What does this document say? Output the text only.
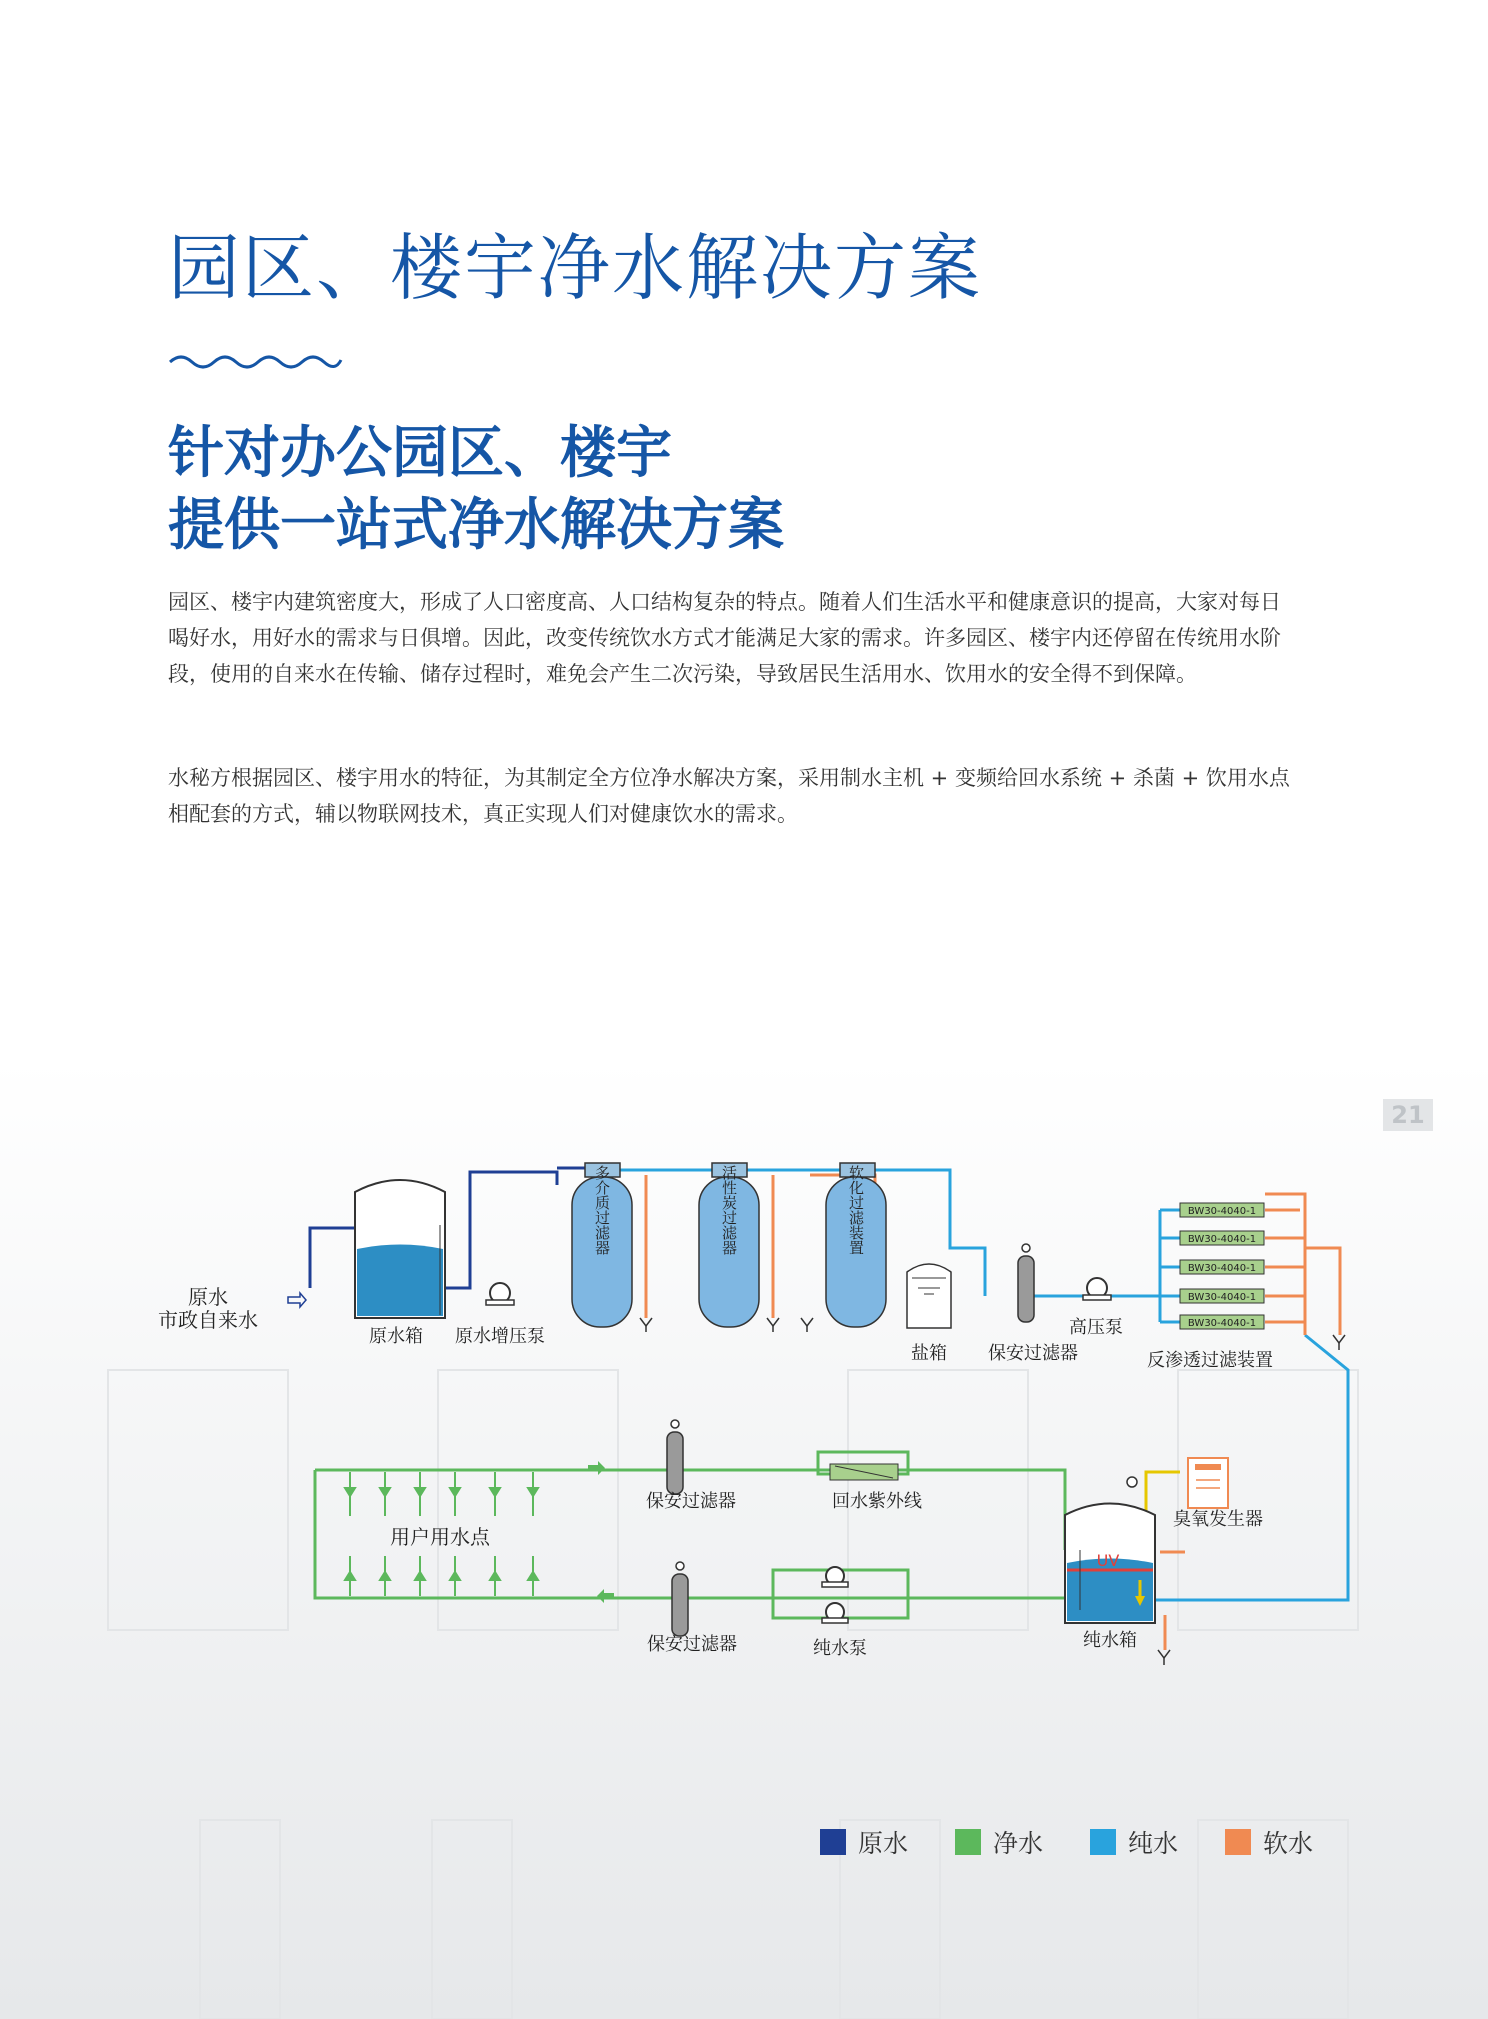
园区、楼宇净水解决方案
针对办公园区、楼宇
提供一站式净水解决方案
园区、楼宇内建筑密度大，形成了人口密度高、人口结构复杂的特点。随着人们生活水平和健康意识的提高，大家对每日喝好水，用好水的需求与日俱增。因此，改变传统饮水方式才能满足大家的需求。许多园区、楼宇内还停留在传统用水阶段，使用的自来水在传输、储存过程时，难免会产生二次污染，导致居民生活用水、饮用水的安全得不到保障。
水秘方根据园区、楼宇用水的特征，为其制定全方位净水解决方案，采用制水主机 + 变频给回水系统 + 杀菌 + 饮用水点相配套的方式，辅以物联网技术，真正实现人们对健康饮水的需求。
21
原水
市政自来水
原水箱 原水增压泵
多介质过滤器	活性炭过滤器	软化过滤装置
盐箱 保安过滤器
高压泵
BW30-4040-1
BW30-4040-1
BW30-4040-1
BW30-4040-1
BW30-4040-1
反渗透过滤装置
保安过滤器	回水紫外线
用户用水点
保安过滤器	纯水泵
臭氧发生器
UV
纯水箱
原水	净水	纯水	软水
